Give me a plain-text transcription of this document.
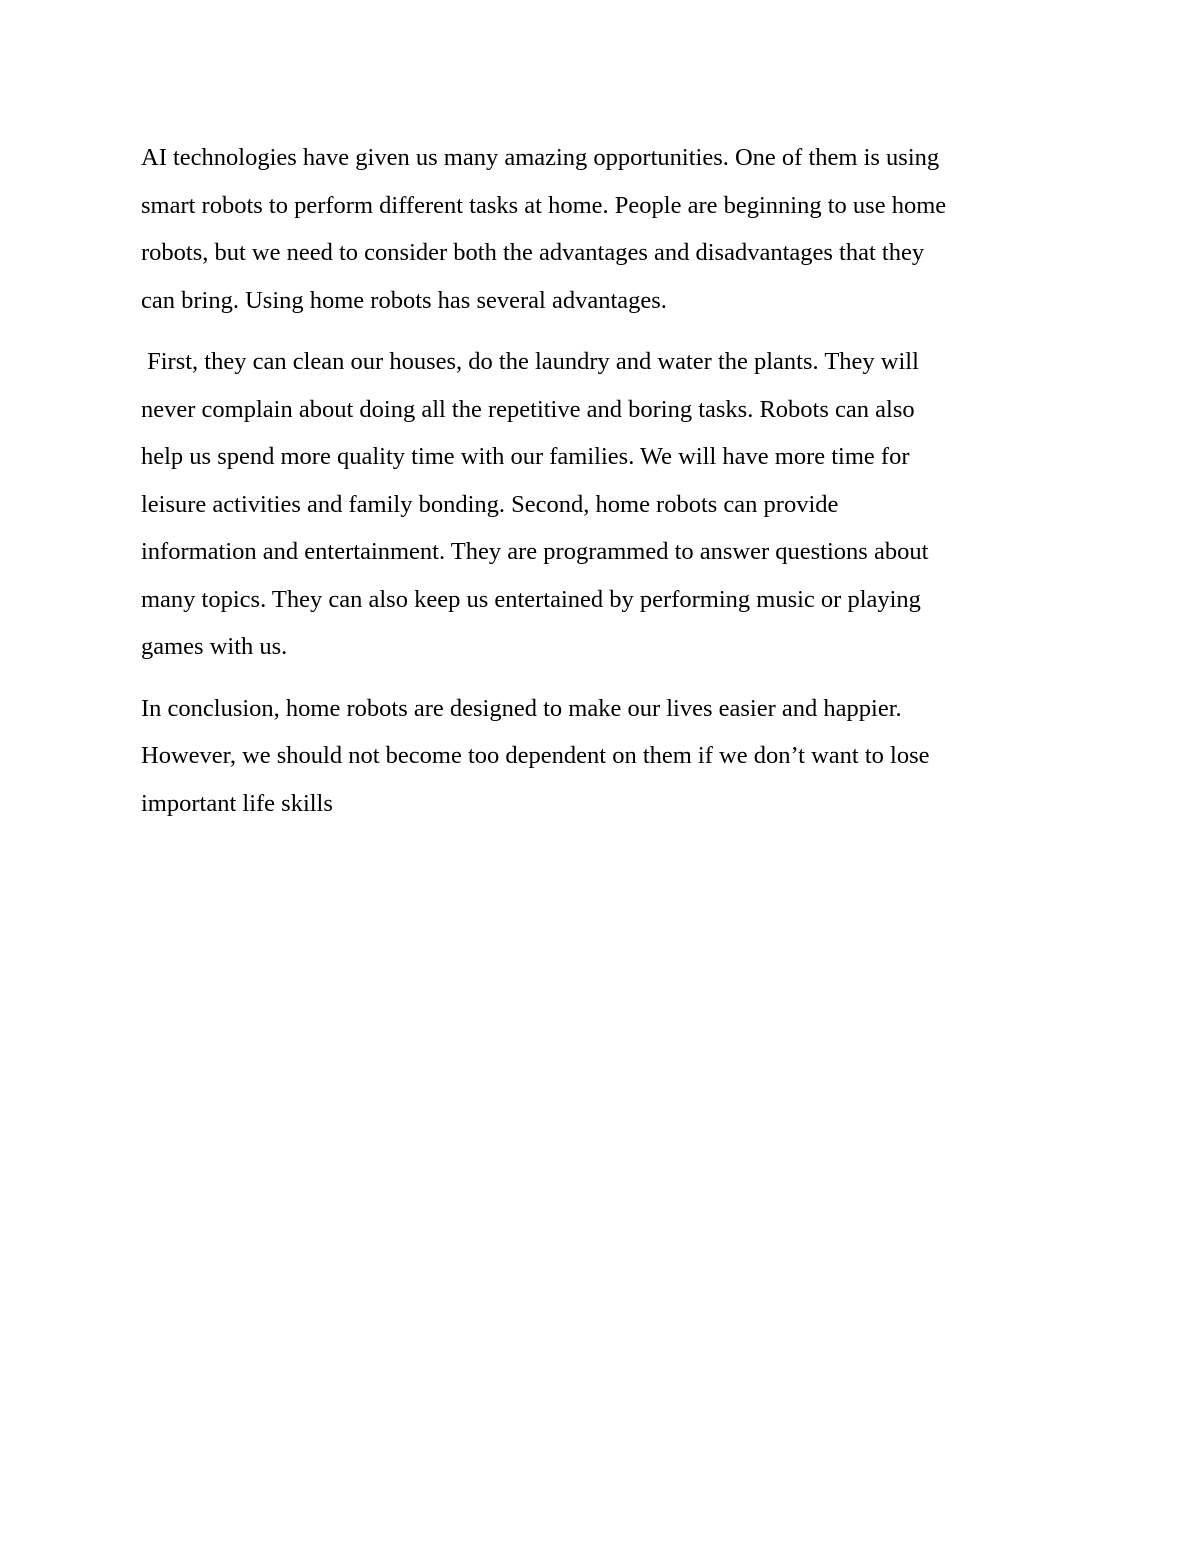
AI technologies have given us many amazing opportunities. One of them is using
smart robots to perform different tasks at home. People are beginning to use home
robots, but we need to consider both the advantages and disadvantages that they
can bring. Using home robots has several advantages.

First, they can clean our houses, do the laundry and water the plants. They will
never complain about doing all the repetitive and boring tasks. Robots can also
help us spend more quality time with our families. We will have more time for
leisure activities and family bonding. Second, home robots can provide
information and entertainment. They are programmed to answer questions about
many topics. They can also keep us entertained by performing music or playing
games with us.

In conclusion, home robots are designed to make our lives easier and happier.
However, we should not become too dependent on them if we don’t want to lose
important life skills
